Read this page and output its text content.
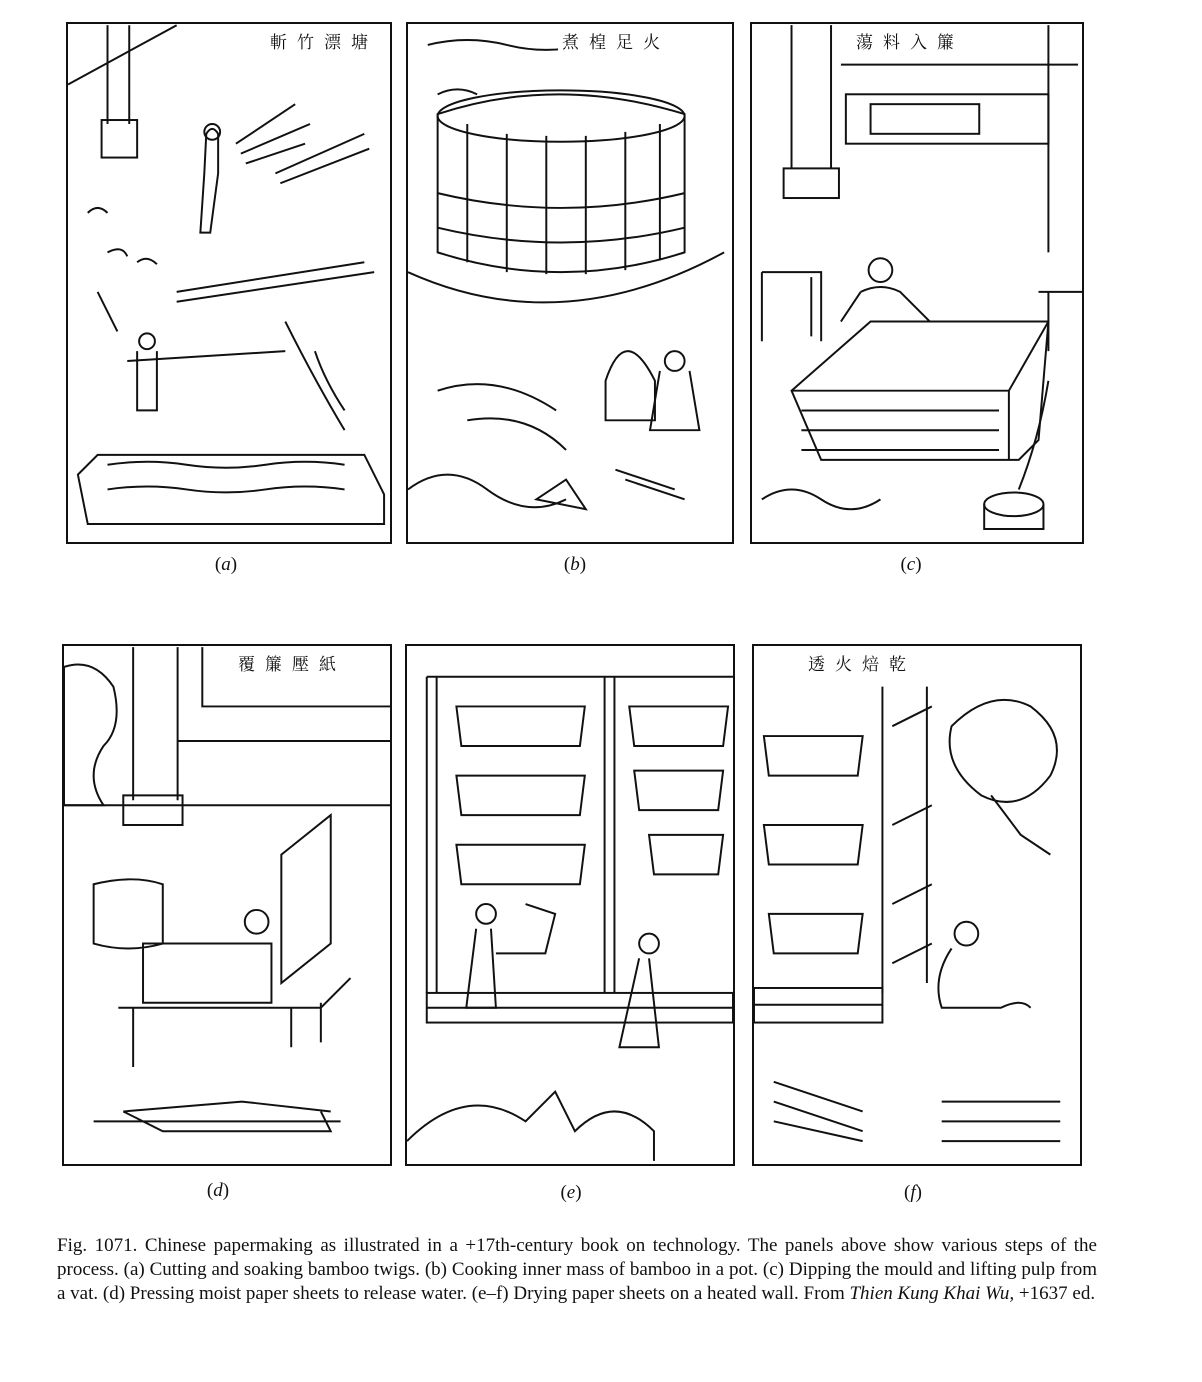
斬竹漂塘	煮楻足火	蕩料入簾
覆簾壓紙	透火焙乾
( a )	( b )	( c )
( d )	( e )	( f )
Fig. 1071. Chinese papermaking as illustrated in a +17th-century book on technology. The panels above show various steps of the process. (a) Cutting and soaking bamboo twigs. (b) Cooking inner mass of bamboo in a pot. (c) Dipping the mould and lifting pulp from a vat. (d) Pressing moist paper sheets to release water. (e–f) Drying paper sheets on a heated wall. From Thien Kung Khai Wu, +1637 ed.
